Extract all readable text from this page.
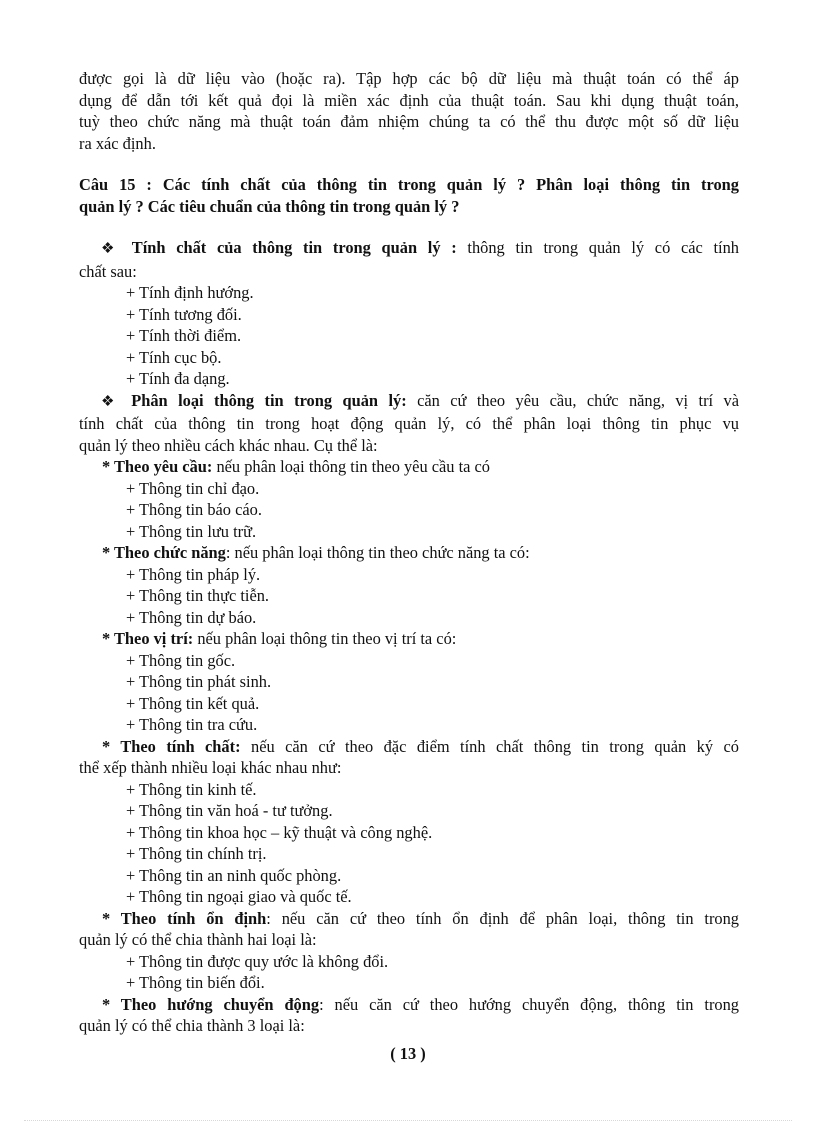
được gọi là dữ liệu vào (hoặc ra). Tập hợp các bộ dữ liệu mà thuật toán có thể áp

dụng để dẫn tới kết quả đọi là miền xác định của thuật toán. Sau khi dụng thuật toán,

tuỳ theo chức năng mà thuật toán đảm nhiệm chúng ta có thể thu được một số dữ liệu

ra xác định.

Câu 15 : Các tính chất của thông tin trong quản lý ? Phân loại thông tin trong

quản lý ? Các tiêu chuẩn của thông tin trong quản lý ?

❖ Tính chất của thông tin trong quản lý : thông tin trong quản lý có các tính

chất sau:

+ Tính định hướng.

+ Tính tương đối.

+ Tính thời điểm.

+ Tính cục bộ.

+ Tính đa dạng.

❖ Phân loại thông tin trong quản lý: căn cứ theo yêu cầu, chức năng, vị trí và

tính chất của thông tin trong hoạt động quản lý, có thể phân loại thông tin phục vụ

quản lý theo nhiều cách khác nhau. Cụ thể là:

* Theo yêu cầu: nếu phân loại thông tin theo yêu cầu ta có

+ Thông tin chỉ đạo.

+ Thông tin báo cáo.

+ Thông tin lưu trữ.

* Theo chức năng: nếu phân loại thông tin theo chức năng ta có:

+ Thông tin pháp lý.

+ Thông tin thực tiễn.

+ Thông tin dự báo.

* Theo vị trí: nếu phân loại thông tin theo vị trí ta có:

+ Thông tin gốc.

+ Thông tin phát sinh.

+ Thông tin kết quả.

+ Thông tin tra cứu.

* Theo tính chất: nếu căn cứ theo đặc điểm tính chất thông tin trong quản ký có

thể xếp thành nhiều loại khác nhau như:

+ Thông tin kinh tế.

+ Thông tin văn hoá - tư tưởng.

+ Thông tin khoa học – kỹ thuật và công nghệ.

+ Thông tin chính trị.

+ Thông tin an ninh quốc phòng.

+ Thông tin ngoại giao và quốc tế.

* Theo tính ổn định: nếu căn cứ theo tính ổn định để phân loại, thông tin trong

quản lý có thể chia thành hai loại là:

+ Thông tin được quy ước là không đổi.

+ Thông tin biến đổi.

* Theo hướng chuyển động: nếu căn cứ theo hướng chuyển động, thông tin trong

quản lý có thể chia thành 3 loại là:

( 13 )
